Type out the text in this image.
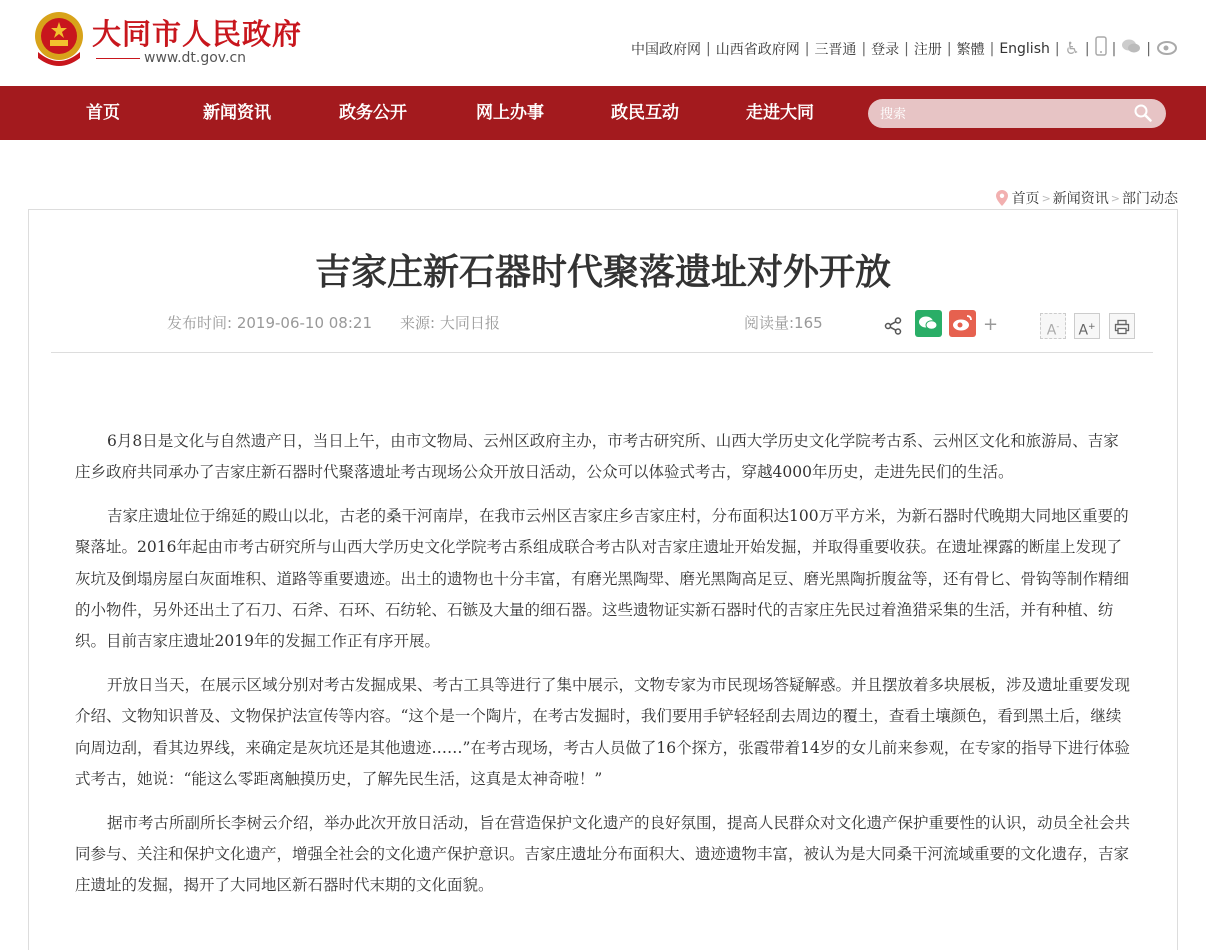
大同市人民政府
www.dt.gov.cn
中国政府网 | 山西省政府网 | 三晋通 | 登录 | 注册 | 繁體 | English | ♿ | | |
首页	新闻资讯	政务公开	网上办事	政民互动	走进大同
搜索
首页 > 新闻资讯 > 部门动态
吉家庄新石器时代聚落遗址对外开放
发布时间: 2019-06-10 08:21 来源: 大同日报	阅读量:165	+	A-	A+

6月8日是文化与自然遗产日，当日上午，由市文物局、云州区政府主办，市考古研究所、山西大学历史文化学院考古系、云州区文化和旅游局、吉家庄乡政府共同承办了吉家庄新石器时代聚落遗址考古现场公众开放日活动，公众可以体验式考古，穿越4000年历史，走进先民们的生活。

吉家庄遗址位于绵延的殿山以北，古老的桑干河南岸，在我市云州区吉家庄乡吉家庄村，分布面积达100万平方米，为新石器时代晚期大同地区重要的聚落址。2016年起由市考古研究所与山西大学历史文化学院考古系组成联合考古队对吉家庄遗址开始发掘，并取得重要收获。在遗址裸露的断崖上发现了灰坑及倒塌房屋白灰面堆积、道路等重要遗迹。出土的遗物也十分丰富，有磨光黑陶斝、磨光黑陶高足豆、磨光黑陶折腹盆等，还有骨匕、骨钩等制作精细的小物件，另外还出土了石刀、石斧、石环、石纺轮、石镞及大量的细石器。这些遗物证实新石器时代的吉家庄先民过着渔猎采集的生活，并有种植、纺织。目前吉家庄遗址2019年的发掘工作正有序开展。

开放日当天，在展示区域分别对考古发掘成果、考古工具等进行了集中展示，文物专家为市民现场答疑解惑。并且摆放着多块展板，涉及遗址重要发现介绍、文物知识普及、文物保护法宣传等内容。“这个是一个陶片，在考古发掘时，我们要用手铲轻轻刮去周边的覆土，查看土壤颜色，看到黑土后，继续向周边刮，看其边界线，来确定是灰坑还是其他遗迹……”在考古现场，考古人员做了16个探方，张霞带着14岁的女儿前来参观，在专家的指导下进行体验式考古，她说：“能这么零距离触摸历史，了解先民生活，这真是太神奇啦！”

据市考古所副所长李树云介绍，举办此次开放日活动，旨在营造保护文化遗产的良好氛围，提高人民群众对文化遗产保护重要性的认识，动员全社会共同参与、关注和保护文化遗产，增强全社会的文化遗产保护意识。吉家庄遗址分布面积大、遗迹遗物丰富，被认为是大同桑干河流域重要的文化遗存，吉家庄遗址的发掘，揭开了大同地区新石器时代末期的文化面貌。
